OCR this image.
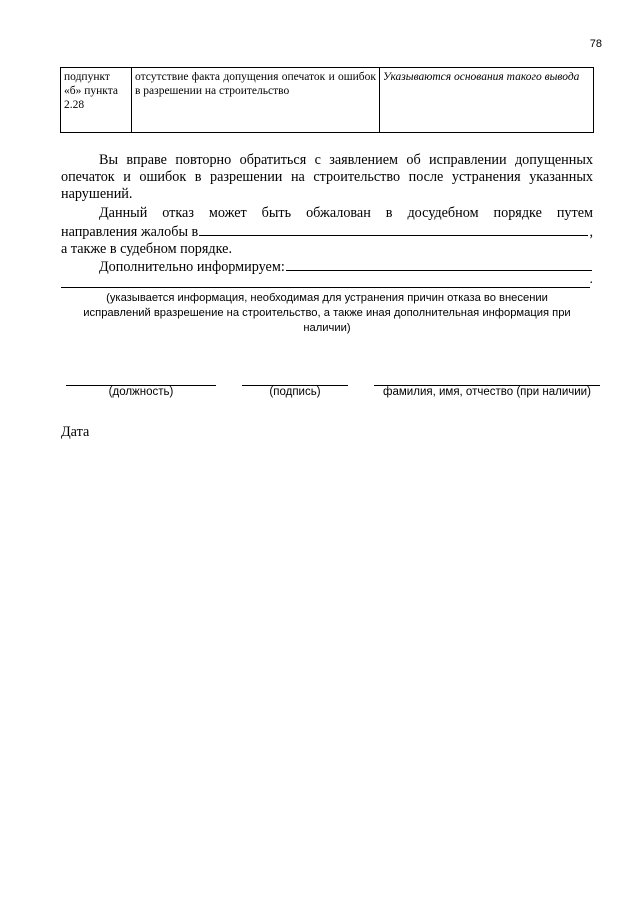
78
подпункт «б» пункта 2.28	отсутствие факта допущения опечаток и ошибок в разрешении на строительство	Указываются основания такого вывода
Вы вправе повторно обратиться с заявлением об исправлении допущенных
опечаток и ошибок в разрешении на строительство после устранения указанных
нарушений.
Данный отказ может быть обжалован в досудебном порядке путем
направления жалобы в	,
а также в судебном порядке.
Дополнительно информируем:
.
(указывается информация, необходимая для устранения причин отказа во внесении
исправлений вразрешение на строительство, а также иная дополнительная информация при
наличии)
(должность)	(подпись)	фамилия, имя, отчество (при наличии)
Дата
